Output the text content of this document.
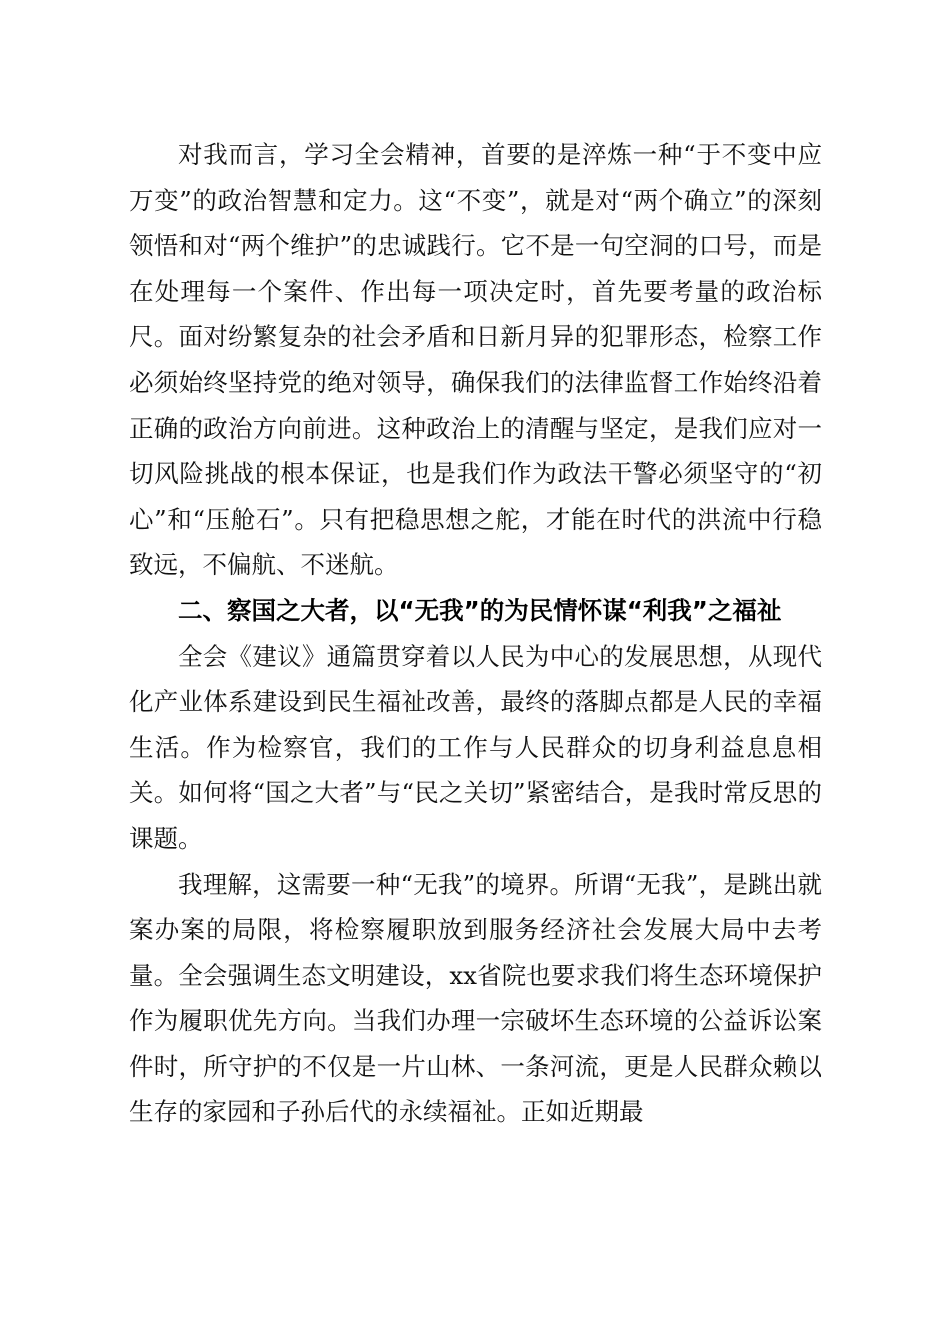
对我而言，学习全会精神，首要的是淬炼一种“于不变中应万变”的政治智慧和定力。这“不变”，就是对“两个确立”的深刻领悟和对“两个维护”的忠诚践行。它不是一句空洞的口号，而是在处理每一个案件、作出每一项决定时，首先要考量的政治标尺。面对纷繁复杂的社会矛盾和日新月异的犯罪形态，检察工作必须始终坚持党的绝对领导，确保我们的法律监督工作始终沿着正确的政治方向前进。这种政治上的清醒与坚定，是我们应对一切风险挑战的根本保证，也是我们作为政法干警必须坚守的“初心”和“压舱石”。只有把稳思想之舵，才能在时代的洪流中行稳致远，不偏航、不迷航。

二、察国之大者，以“无我”的为民情怀谋“利我”之福祉

全会《建议》通篇贯穿着以人民为中心的发展思想，从现代化产业体系建设到民生福祉改善，最终的落脚点都是人民的幸福生活。作为检察官，我们的工作与人民群众的切身利益息息相关。如何将“国之大者”与“民之关切”紧密结合，是我时常反思的课题。

我理解，这需要一种“无我”的境界。所谓“无我”，是跳出就案办案的局限，将检察履职放到服务经济社会发展大局中去考量。全会强调生态文明建设，xx省院也要求我们将生态环境保护作为履职优先方向。当我们办理一宗破坏生态环境的公益诉讼案件时，所守护的不仅是一片山林、一条河流，更是人民群众赖以生存的家园和子孙后代的永续福祉。正如近期最
